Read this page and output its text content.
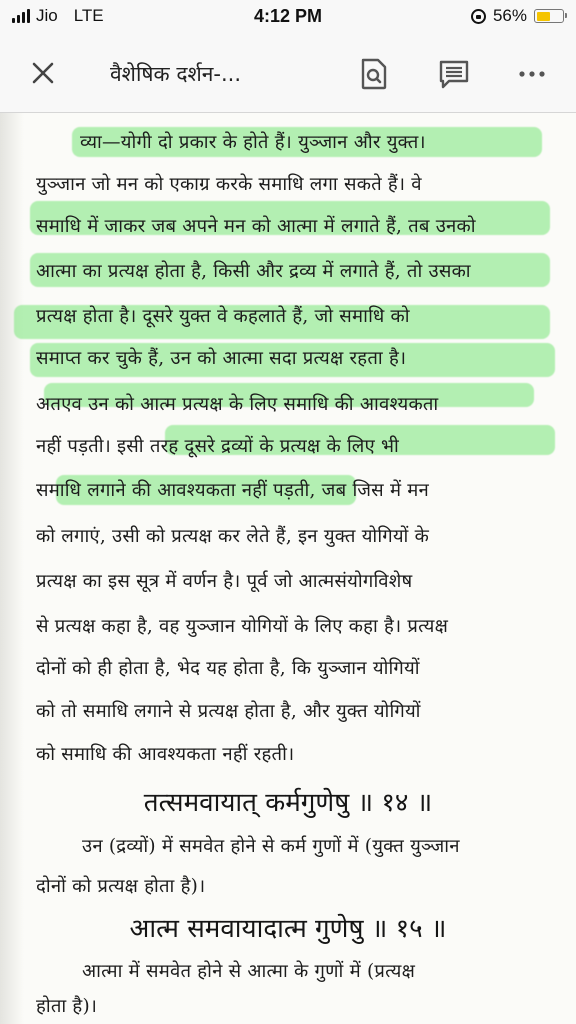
Jio LTE	4:12 PM	56%
वैशेषिक दर्शन-...
व्या—योगी दो प्रकार के होते हैं। युञ्जान और युक्त।
युञ्जान जो मन को एकाग्र करके समाधि लगा सकते हैं। वे
समाधि में जाकर जब अपने मन को आत्मा में लगाते हैं, तब उनको
आत्मा का प्रत्यक्ष होता है, किसी और द्रव्य में लगाते हैं, तो उसका
प्रत्यक्ष होता है। दूसरे युक्त वे कहलाते हैं, जो समाधि को
समाप्त कर चुके हैं, उन को आत्मा सदा प्रत्यक्ष रहता है।
अतएव उन को आत्म प्रत्यक्ष के लिए समाधि की आवश्यकता
नहीं पड़ती। इसी तरह दूसरे द्रव्यों के प्रत्यक्ष के लिए भी
समाधि लगाने की आवश्यकता नहीं पड़ती, जब जिस में मन
को लगाएं, उसी को प्रत्यक्ष कर लेते हैं, इन युक्त योगियों के
प्रत्यक्ष का इस सूत्र में वर्णन है। पूर्व जो आत्मसंयोगविशेष
से प्रत्यक्ष कहा है, वह युञ्जान योगियों के लिए कहा है। प्रत्यक्ष
दोनों को ही होता है, भेद यह होता है, कि युञ्जान योगियों
को तो समाधि लगाने से प्रत्यक्ष होता है, और युक्त योगियों
को समाधि की आवश्यकता नहीं रहती।
तत्समवायात् कर्मगुणेषु ॥ १४ ॥
उन (द्रव्यों) में समवेत होने से कर्म गुणों में (युक्त युञ्जान
दोनों को प्रत्यक्ष होता है)।
आत्म समवायादात्म गुणेषु ॥ १५ ॥
आत्मा में समवेत होने से आत्मा के गुणों में (प्रत्यक्ष
होता है)।
